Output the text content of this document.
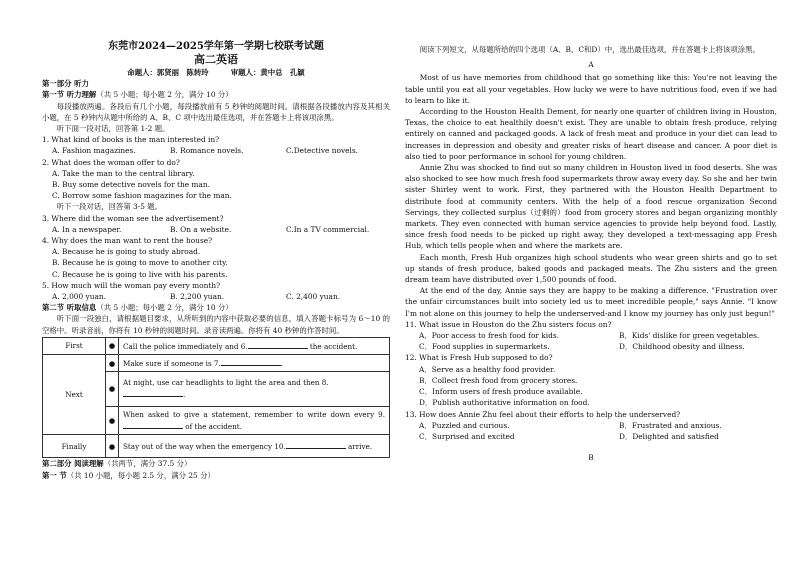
东莞市2024—2025学年第一学期七校联考试题
高二英语
命题人：郭贤丽　陈转玲　　　审题人：黄中总　孔颖
第一部分 听力
第一节 听力理解（共 5 小题；每小题 2 分，满分 10 分）
每段播放两遍。各段后有几个小题，每段播放前有 5 秒钟的阅题时间。请根据各段播放内容及其相关小题，在 5 秒钟内从题中所给的 A、B、C 项中选出最佳选项，并在答题卡上将该项涂黑。
听下面一段对话，回答第 1-2 题。
1. What kind of books is the man interested in?
A. Fashion magazines.	B. Romance novels.	C.Detective novels.
2. What does the woman offer to do?
A. Take the man to the central library.
B. Buy some detective novels for the man.
C. Borrow some fashion magazines for the man.
听下一段对话，回答第 3-5 题。
3. Where did the woman see the advertisement?
A. In a newspaper.	B. On a website.	C.In a TV commercial.
4. Why does the man want to rent the house?
A. Because he is going to study abroad.
B. Because he is going to move to another city.
C. Because he is going to live with his parents.
5. How much will the woman pay every month?
A. 2,000 yuan.	B. 2,200 yuan.	C. 2,400 yuan.
第二节 听取信息（共 5 小题；每小题 2 分，满分 10 分）
听下面一段独白，请根据题目要求，从所听到的内容中获取必要的信息，填入答题卡标号为 6～10 的空格中。听录音前，你将有 10 秒钟的阅题时间。录音读两遍。你将有 40 秒钟的作答时间。
First	●	Call the police immediately and 6. the accident.
Next	●	Make sure if someone is 7. .
	●	At night, use car headlights to light the area and then 8..
	●	When asked to give a statement, remember to write down every 9. of the accident.
Finally	●	Stay out of the way when the emergency 10. arrive.
第二部分 阅读理解（共两节，满分 37.5 分）
第一 节（共 10 小题，每小题 2.5 分，满分 25 分）
阅读下列短文，从每题所给的四个选项（A、B、C和D）中，选出最佳选项，并在答题卡上将该项涂黑。
A
Most of us have memories from childhood that go something like this: You're not leaving the table until you eat all your vegetables. How lucky we were to have nutritious food, even if we had to learn to like it.
According to the Houston Health Dement, for nearly one quarter of children living in Houston, Texas, the choice to eat healthily doesn't exist. They are unable to obtain fresh produce, relying entirely on canned and packaged goods. A lack of fresh meat and produce in your diet can lead to increases in depression and obesity and greater risks of heart disease and cancer. A poor diet is also tied to poor performance in school for young children.
Annie Zhu was shocked to find out so many children in Houston lived in food deserts. She was also shocked to see how much fresh food supermarkets throw away every day. So she and her twin sister Shirley went to work. First, they partnered with the Houston Health Department to distribute food at community centers. With the help of a food rescue organization Second Servings, they collected surplus（过剩的）food from grocery stores and began organizing monthly markets. They even connected with human service agencies to provide help beyond food. Lastly, since fresh food needs to be picked up right away, they developed a text-messaging app Fresh Hub, which tells people when and where the markets are.
Each month, Fresh Hub organizes high school students who wear green shirts and go to set up stands of fresh produce, baked goods and packaged meats. The Zhu sisters and the green dream team have distributed over 1,500 pounds of food.
At the end of the day, Annie says they are happy to be making a difference. "Frustration over the unfair circumstances built into society led us to meet incredible people," says Annie. "I know I'm not alone on this journey to help the underserved-and I know my journey has only just begun!"
11. What issue in Houston do the Zhu sisters focus on?
A．Poor access to fresh food for kids.	B．Kids' dislike for green vegetables.
C．Food supplies in supermarkets.	D．Childhood obesity and illness.
12. What is Fresh Hub supposed to do?
A．Serve as a healthy food provider.
B．Collect fresh food from grocery stores.
C．Inform users of fresh produce available.
D．Publish authoritative information on food.
13. How does Annie Zhu feel about their efforts to help the underserved?
A．Puzzled and curious.	B．Frustrated and anxious.
C．Surprised and excited	D．Delighted and satisfied
B
